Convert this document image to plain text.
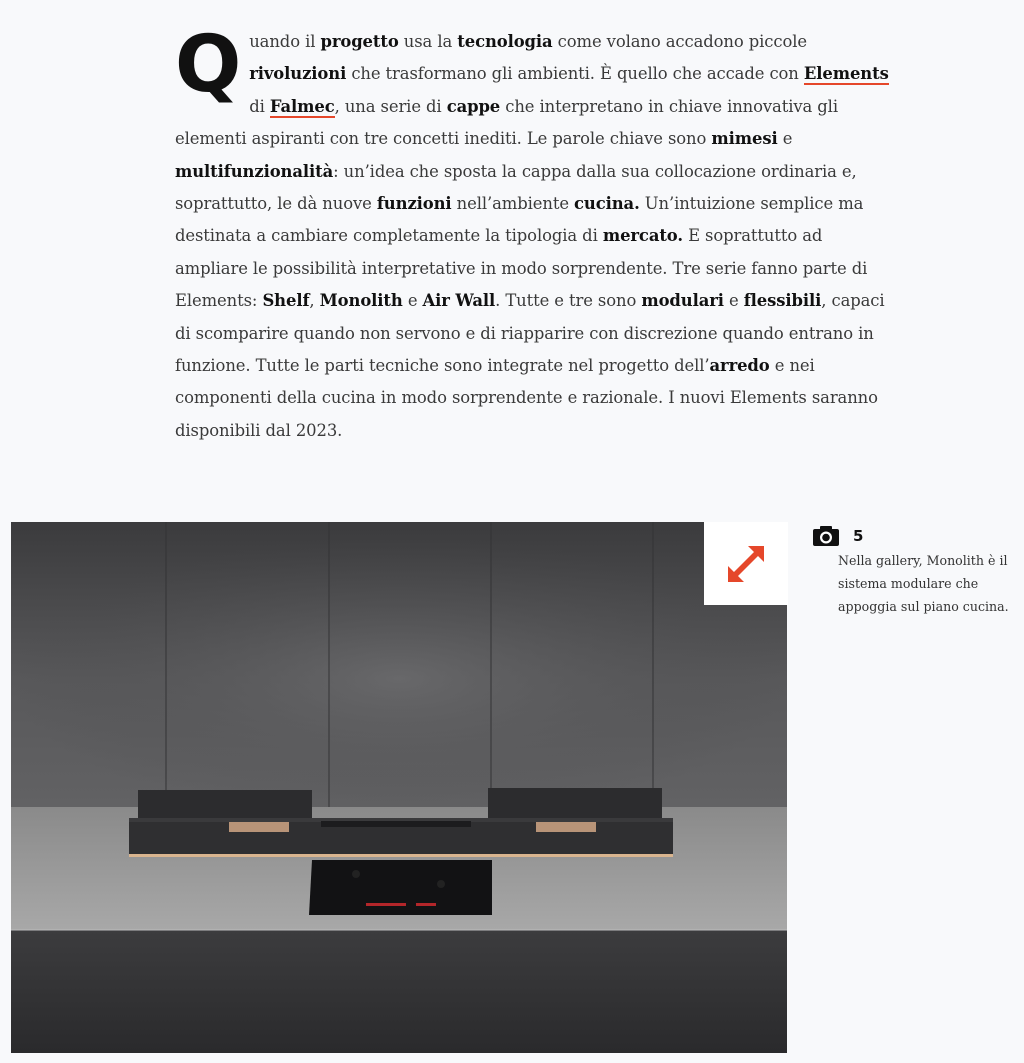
Q uando il progetto usa la tecnologia come volano accadono piccole rivoluzioni che trasformano gli ambienti. È quello che accade con Elements di Falmec, una serie di cappe che interpretano in chiave innovativa gli elementi aspiranti con tre concetti inediti. Le parole chiave sono mimesi e multifunzionalità: un’idea che sposta la cappa dalla sua collocazione ordinaria e, soprattutto, le dà nuove funzioni nell’ambiente cucina. Un’intuizione semplice ma destinata a cambiare completamente la tipologia di mercato. E soprattutto ad ampliare le possibilità interpretative in modo sorprendente. Tre serie fanno parte di Elements: Shelf, Monolith e Air Wall. Tutte e tre sono modulari e flessibili, capaci di scomparire quando non servono e di riapparire con discrezione quando entrano in funzione. Tutte le parti tecniche sono integrate nel progetto dell’arredo e nei componenti della cucina in modo sorprendente e razionale. I nuovi Elements saranno disponibili dal 2023.

5
Nella gallery, Monolith è il sistema modulare che appoggia sul piano cucina.
